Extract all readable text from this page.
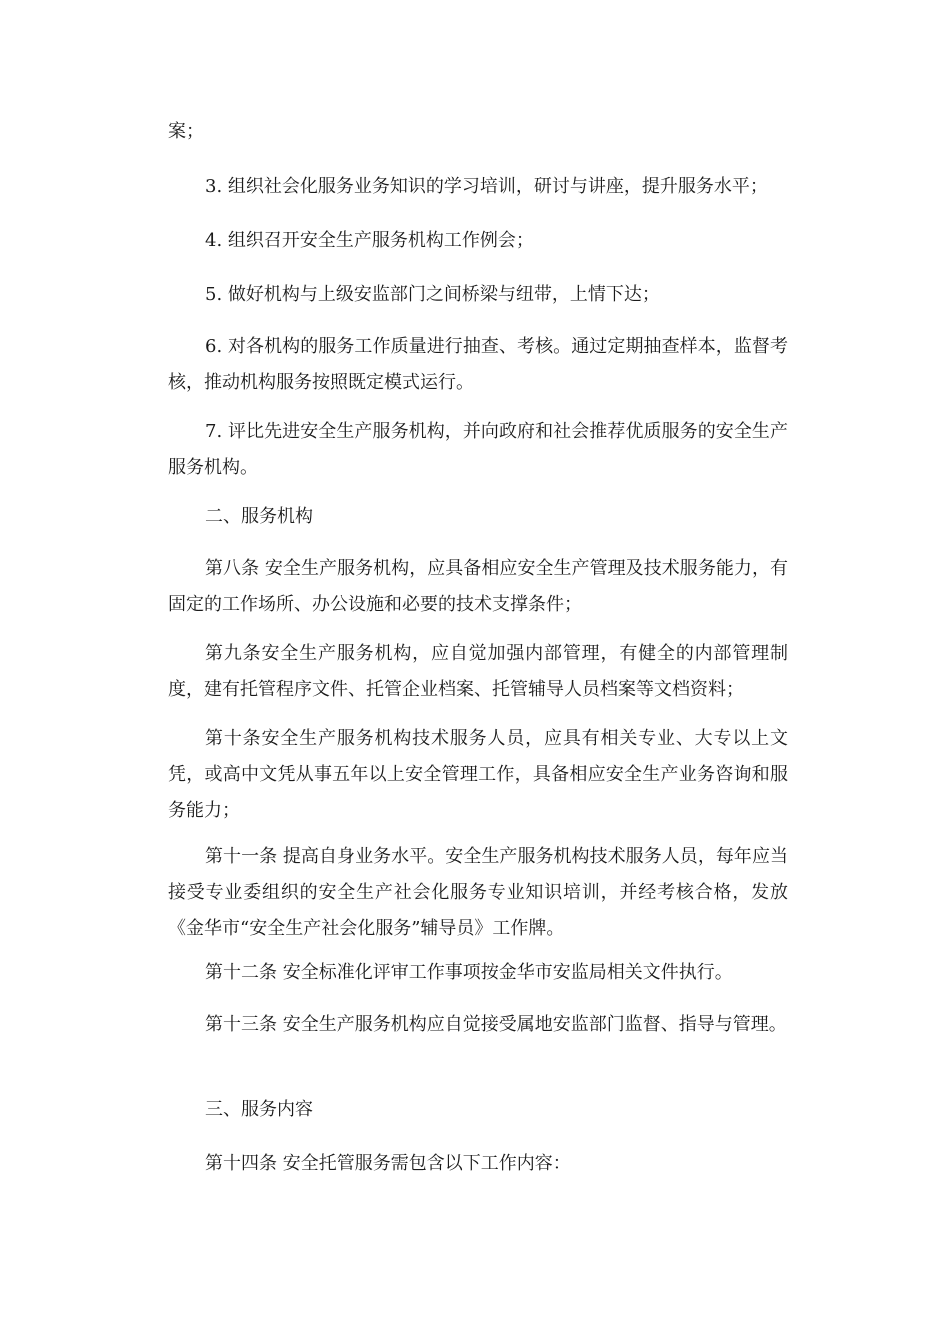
案；

3. 组织社会化服务业务知识的学习培训，研讨与讲座，提升服务水平；

4. 组织召开安全生产服务机构工作例会；

5. 做好机构与上级安监部门之间桥梁与纽带，上情下达；

6. 对各机构的服务工作质量进行抽查、考核。通过定期抽查样本，监督考核，推动机构服务按照既定模式运行。

7. 评比先进安全生产服务机构，并向政府和社会推荐优质服务的安全生产服务机构。

二、服务机构

第八条 安全生产服务机构，应具备相应安全生产管理及技术服务能力，有固定的工作场所、办公设施和必要的技术支撑条件；

第九条安全生产服务机构，应自觉加强内部管理，有健全的内部管理制度，建有托管程序文件、托管企业档案、托管辅导人员档案等文档资料；

第十条安全生产服务机构技术服务人员，应具有相关专业、大专以上文凭，或高中文凭从事五年以上安全管理工作，具备相应安全生产业务咨询和服务能力；

第十一条 提高自身业务水平。安全生产服务机构技术服务人员，每年应当接受专业委组织的安全生产社会化服务专业知识培训，并经考核合格，发放《金华市“安全生产社会化服务”辅导员》工作牌。

第十二条 安全标准化评审工作事项按金华市安监局相关文件执行。

第十三条 安全生产服务机构应自觉接受属地安监部门监督、指导与管理。

三、服务内容

第十四条 安全托管服务需包含以下工作内容：
